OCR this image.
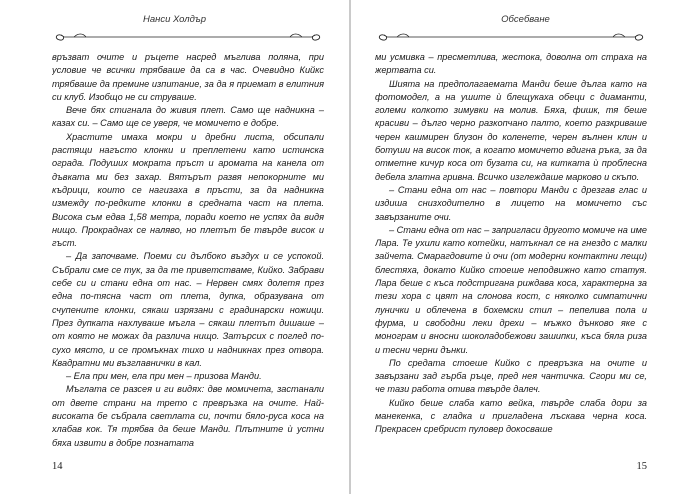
Нанси Холдър

връзват очите и ръцете насред мъглива поляна, при условие че всички трябваше да са в час. Очевидно Кийкс трябваше да премине изпитание, за да я приемат в елитния си клуб. Изобщо не си струваше.

Вече бях стигнала до живия плет. Само ще надникна – казах си. – Само ще се уверя, че момичето е добре.

Храстите имаха мокри и дребни листа, обсипали растящи нагъсто клонки и преплетени като истинска ограда. Подуших мократа пръст и аромата на канела от дъвката ми без захар. Вятърът развя непокорните ми къдрици, които се нагизаха в пръсти, за да надникна измежду по-редките клонки в средната част на плета. Висока съм едва 1,58 метра, поради което не успях да видя нищо. Прокраднах се наляво, но плетът бе твърде висок и гъст.

– Да започваме. Поеми си дълбоко въздух и се успокой. Събрали сме се тук, за да те приветстваме, Кийко. Забрави себе си и стани една от нас. – Нервен смях долетя през една по-тясна част от плета, дупка, образувана от счупените клонки, сякаш изрязани с градинарски ножици. През дупката нахлуваше мъгла – сякаш плетът дишаше – от която не можах да различа нищо. Затърсих с поглед по-сухо място, и се промъкнах тихо и надникнах през отвора. Квадратни ми възглавнички в кал.

– Ела при мен, ела при мен – призова Манди.

Мъглата се разсея и ги видях: две момичета, застанали от двете страни на трето с превръзка на очите. Най-високата бе събрала светлата си, почти бяло-руса коса на хлабав кок. Тя трябва да беше Манди. Плътните ѝ устни бяха извити в добре познатата

14
Обсебване

ми усмивка – пресметлива, жестока, доволна от страха на жертвата си.

Шията на предполагаемата Манди беше дълга като на фотомодел, а на ушите ѝ блещукаха обеци с диаманти, големи колкото зимувки на молив. Бяха, фишк, тя беше красиви – дълго черно разкопчано палто, което разкриваше черен кашмирен блузон до коленете, черен вълнен клин и ботуши на висок ток, а когато момичето вдигна ръка, за да отметне кичур коса от бузата си, на китката ѝ проблесна дебела златна гривна. Всичко изглеждаше марково и скъпо.

– Стани една от нас – повтори Манди с дрезгав глас и издиша снизходително в лицето на момичето със завързаните очи.

– Стани една от нас – запригласи другото момиче на име Лара. Те ухили като котейки, натъкнал се на гнездо с малки зайчета. Смарагдовите ѝ очи (от модерни контактни лещи) блестяха, докато Кийко стоеше неподвижно като статуя. Лара беше с къса подстригана риждава коса, характерна за тези хора с цвят на слонова кост, с няколко симпатични лунички и облечена в бохемски стил – пепелива пола и фурма, и свободни леки дрехи – мъжко дънково яке с монограм и вносни шоколадобежови зашипки, къса бяла риза и тесни черни дънки.

По средата стоеше Кийко с превръзка на очите и завързани зад гърба ръце, пред нея чантичка. Сгори ми се, че тази работа отива твърде далеч.

Кийко беше слаба като вейка, твърде слаба дори за манекенка, с гладка и пригладена лъскава черна коса. Прекрасен сребрист пуловер докосваше

15
